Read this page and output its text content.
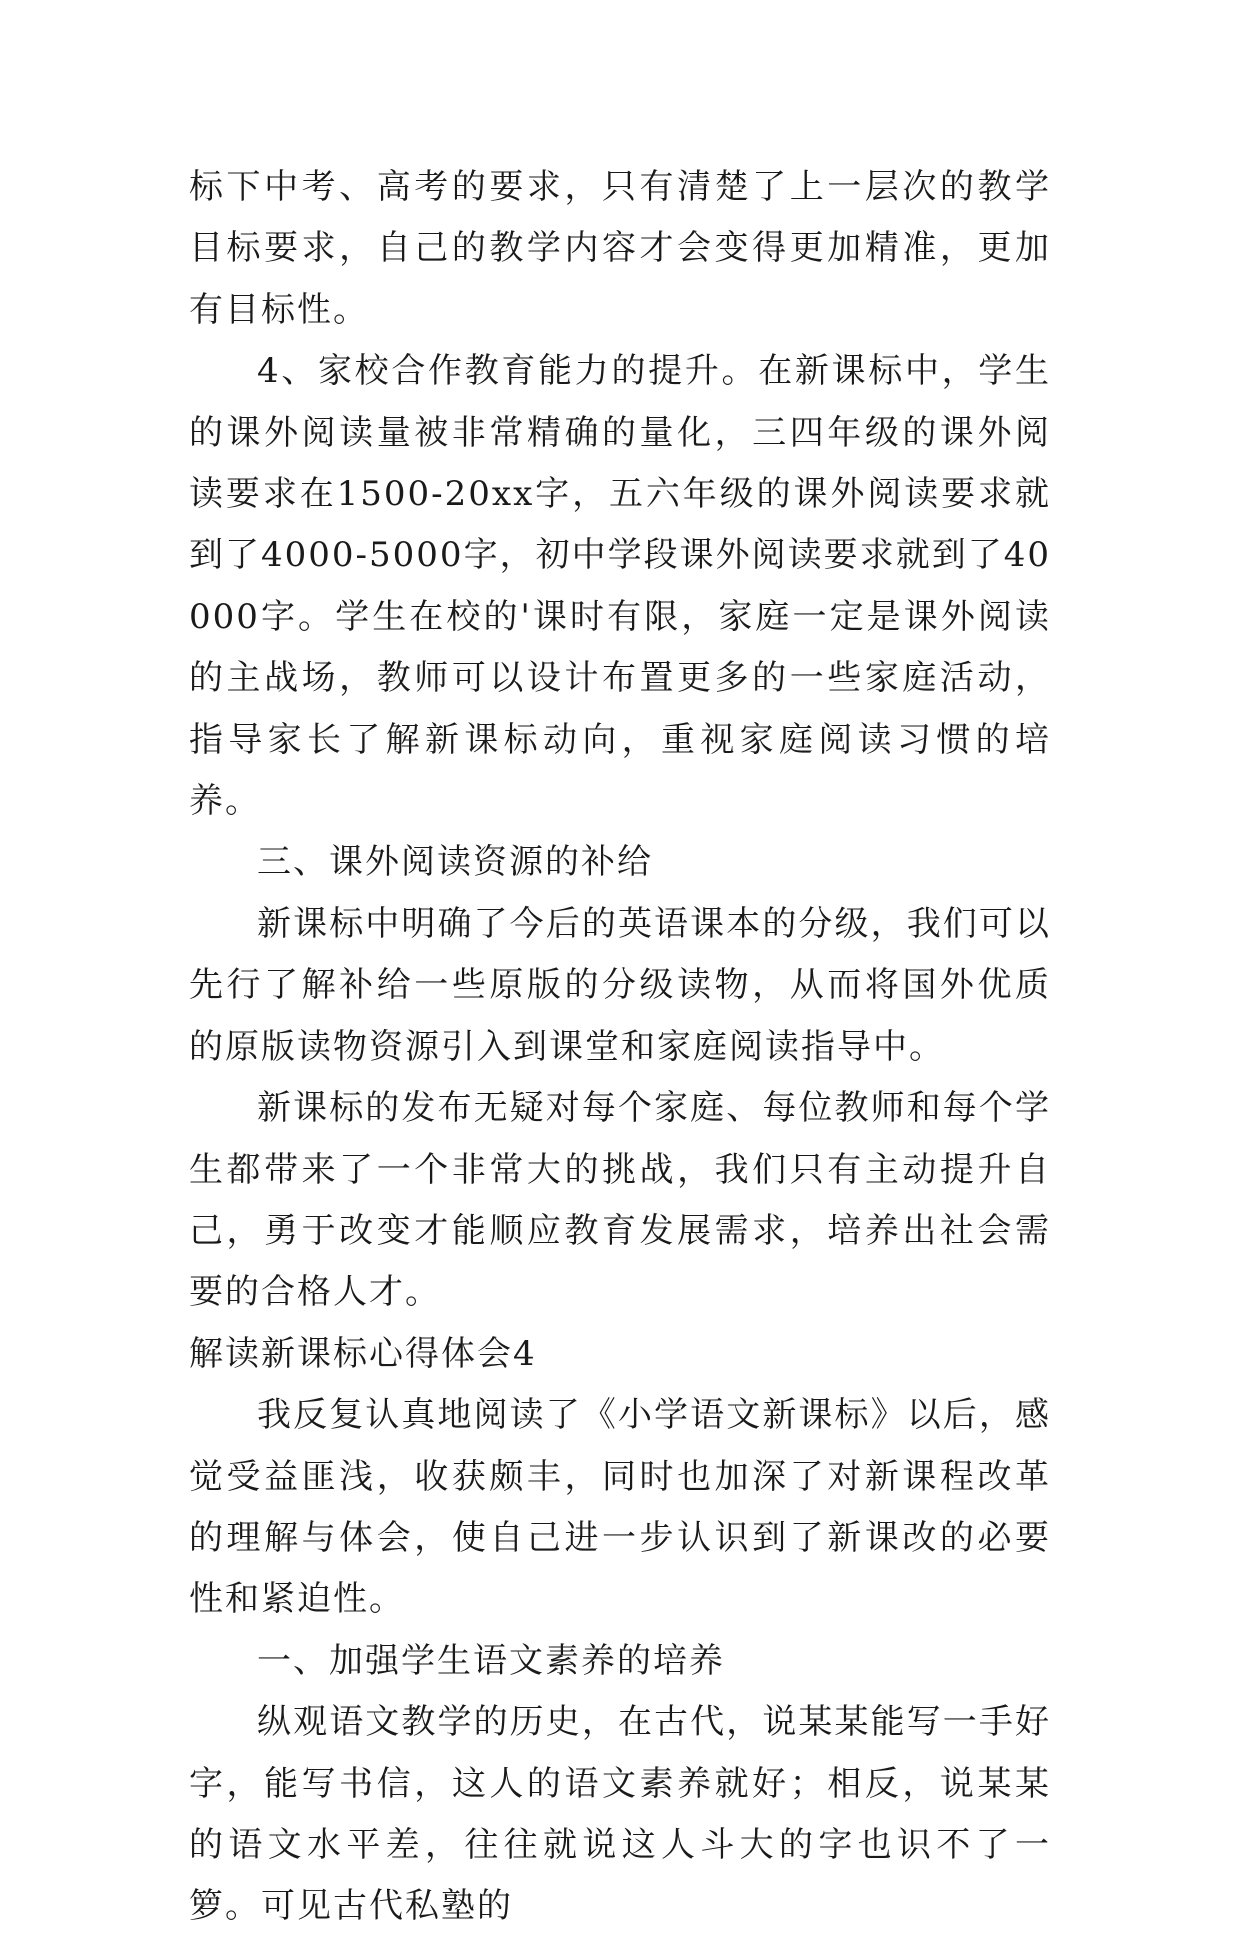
标下中考、高考的要求，只有清楚了上一层次的教学目标要求，自己的教学内容才会变得更加精准，更加有目标性。

4、家校合作教育能力的提升。在新课标中，学生的课外阅读量被非常精确的量化，三四年级的课外阅读要求在1500-20xx字，五六年级的课外阅读要求就到了4000-5000字，初中学段课外阅读要求就到了40000字。学生在校的'课时有限，家庭一定是课外阅读的主战场，教师可以设计布置更多的一些家庭活动，指导家长了解新课标动向，重视家庭阅读习惯的培养。

三、课外阅读资源的补给

新课标中明确了今后的英语课本的分级，我们可以先行了解补给一些原版的分级读物，从而将国外优质的原版读物资源引入到课堂和家庭阅读指导中。

新课标的发布无疑对每个家庭、每位教师和每个学生都带来了一个非常大的挑战，我们只有主动提升自己，勇于改变才能顺应教育发展需求，培养出社会需要的合格人才。

解读新课标心得体会4

我反复认真地阅读了《小学语文新课标》以后，感觉受益匪浅，收获颇丰，同时也加深了对新课程改革的理解与体会，使自己进一步认识到了新课改的必要性和紧迫性。

一、加强学生语文素养的培养

纵观语文教学的历史，在古代，说某某能写一手好字，能写书信，这人的语文素养就好；相反，说某某的语文水平差，往往就说这人斗大的字也识不了一箩。可见古代私塾的
